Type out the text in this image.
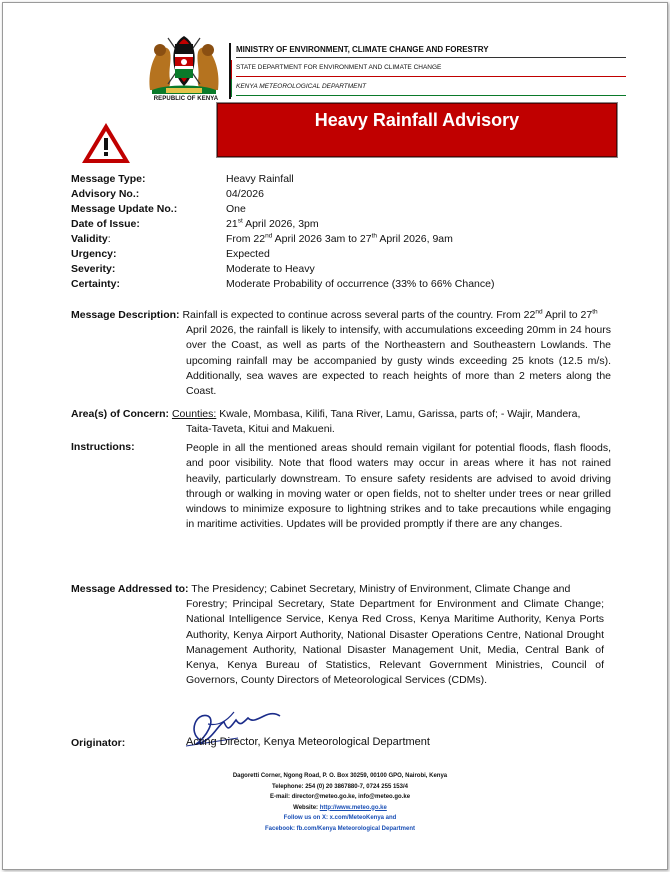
REPUBLIC OF KENYA
MINISTRY OF ENVIRONMENT, CLIMATE CHANGE AND FORESTRY
STATE DEPARTMENT FOR ENVIRONMENT AND CLIMATE CHANGE
KENYA METEOROLOGICAL DEPARTMENT
Heavy Rainfall Advisory
Message Type:	Heavy Rainfall
Advisory No.:	04/2026
Message Update No.:	One
Date of Issue:	21st April 2026, 3pm
Validity:	From 22nd April 2026 3am to 27th April 2026, 9am
Urgency:	Expected
Severity:	Moderate to Heavy
Certainty:	Moderate Probability of occurrence (33% to 66% Chance)
Message Description: Rainfall is expected to continue across several parts of the country. From 22nd April to 27th
April 2026, the rainfall is likely to intensify, with accumulations exceeding 20mm in 24 hours over the Coast, as well as parts of the Northeastern and Southeastern Lowlands. The upcoming rainfall may be accompanied by gusty winds exceeding 25 knots (12.5 m/s). Additionally, sea waves are expected to reach heights of more than 2 meters along the Coast.
Area(s) of Concern: Counties: Kwale, Mombasa, Kilifi, Tana River, Lamu, Garissa, parts of; - Wajir, Mandera,
Taita-Taveta, Kitui and Makueni.
Instructions:	People in all the mentioned areas should remain vigilant for potential floods, flash floods, and poor visibility. Note that flood waters may occur in areas where it has not rained heavily, particularly downstream. To ensure safety residents are advised to avoid driving through or walking in moving water or open fields, not to shelter under trees or near grilled windows to minimize exposure to lightning strikes and to take precautions while engaging in maritime activities. Updates will be provided promptly if there are any changes.
Message Addressed to: The Presidency; Cabinet Secretary, Ministry of Environment, Climate Change and
Forestry; Principal Secretary, State Department for Environment and Climate Change; National Intelligence Service, Kenya Red Cross, Kenya Maritime Authority, Kenya Ports Authority, Kenya Airport Authority, National Disaster Operations Centre, National Drought Management Authority, National Disaster Management Unit, Media, Central Bank of Kenya, Kenya Bureau of Statistics, Relevant Government Ministries, Council of Governors, County Directors of Meteorological Services (CDMs).
Originator:	Acting Director, Kenya Meteorological Department
Dagoretti Corner, Ngong Road, P. O. Box 30259, 00100 GPO, Nairobi, Kenya
Telephone: 254 (0) 20 3867880-7, 0724 255 153/4
E-mail: director@meteo.go.ke, info@meteo.go.ke
Website: http://www.meteo.go.ke
Follow us on X: x.com/MeteoKenya and
Facebook: fb.com/Kenya Meteorological Department
